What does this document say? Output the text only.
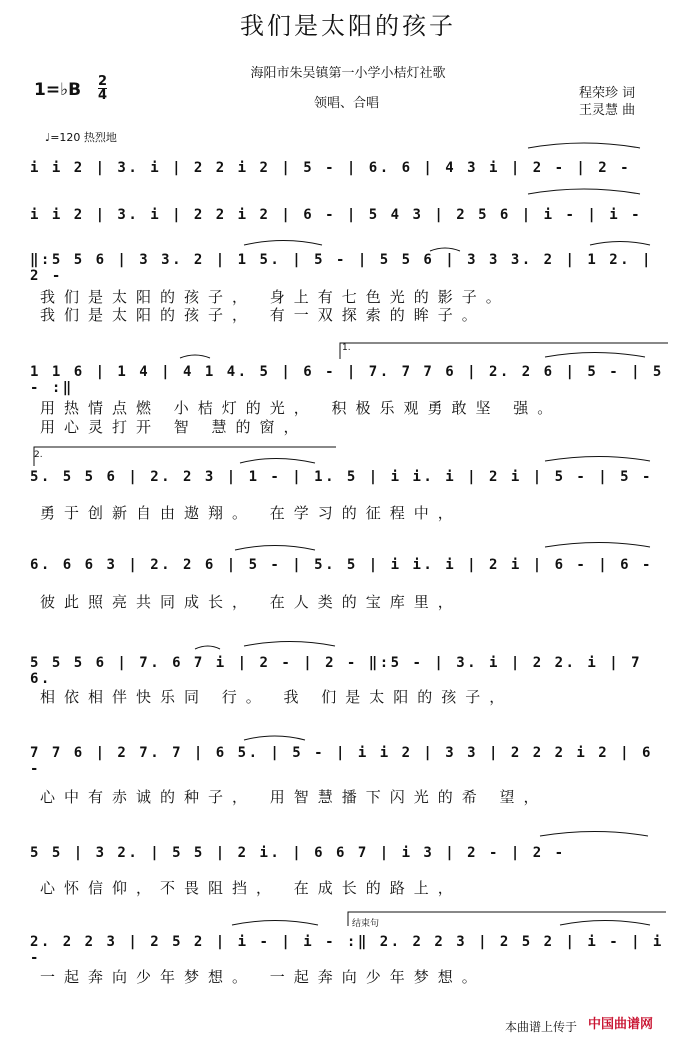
我们是太阳的孩子
海阳市朱吴镇第一小学小桔灯社歌
1=♭B 2
4
领唱、合唱
程荣珍 词
王灵慧 曲
♩=120 热烈地
i i 2 | 3. i | 2 2 i 2 | 5 - | 6. 6 | 4 3 i | 2 - | 2 -
i i 2 | 3. i | 2 2 i 2 | 6 - | 5 4 3 | 2 5 6 | i - | i -
‖:5 5 6 | 3 3. 2 | 1 5. | 5 - | 5 5 6 | 3 3 3. 2 | 1 2. | 2 -
我们是太阳的孩子， 身上有七色光的影子。
我们是太阳的孩子， 有一双探索的眸子。
1.
1 1 6 | 1 4 | 4 1 4. 5 | 6 - | 7. 7 7 6 | 2. 2 6 | 5 - | 5 - :‖
用热情点燃 小桔灯的光， 积极乐观勇敢坚 强。
用心灵打开 智 慧的窗，
2.
5. 5 5 6 | 2. 2 3 | 1 - | 1. 5 | i i. i | 2 i | 5 - | 5 -
勇于创新自由遨翔。 在学习的征程中，
6. 6 6 3 | 2. 2 6 | 5 - | 5. 5 | i i. i | 2 i | 6 - | 6 -
彼此照亮共同成长， 在人类的宝库里，
5 5 5 6 | 7. 6 7 i | 2 - | 2 - ‖:5 - | 3. i | 2 2. i | 7 6.
相依相伴快乐同 行。 我 们是太阳的孩子，
7 7 6 | 2 7. 7 | 6 5. | 5 - | i i 2 | 3 3 | 2 2 2 i 2 | 6 -
心中有赤诚的种子， 用智慧播下闪光的希 望，
5 5 | 3 2. | 5 5 | 2 i. | 6 6 7 | i 3 | 2 - | 2 -
心怀信仰，不畏阻挡， 在成长的路上，
结束句
2. 2 2 3 | 2 5 2 | i - | i - :‖ 2. 2 2 3 | 2 5 2 | i - | i -
一起奔向少年梦想。 一起奔向少年梦想。
本曲谱上传于 中国曲谱网
